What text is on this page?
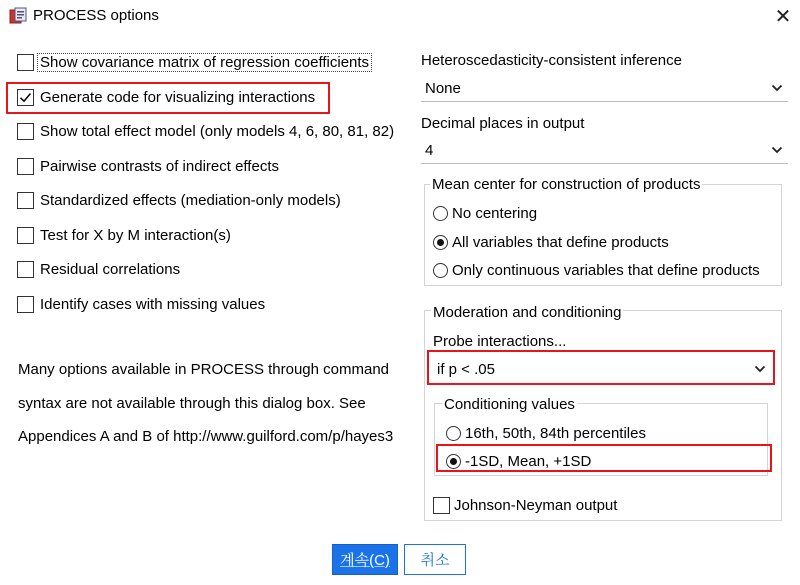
PROCESS options	✕
Show covariance matrix of regression coefficients
Generate code for visualizing interactions
Show total effect model (only models 4, 6, 80, 81, 82)
Pairwise contrasts of indirect effects
Standardized effects (mediation-only models)
Test for X by M interaction(s)
Residual correlations
Identify cases with missing values
Many options available in PROCESS through command
syntax are not available through this dialog box. See
Appendices A and B of http://www.guilford.com/p/hayes3
Heteroscedasticity-consistent inference
None
Decimal places in output
4
Mean center for construction of products
No centering
All variables that define products
Only continuous variables that define products
Moderation and conditioning
Probe interactions...
if p < .05
Conditioning values
16th, 50th, 84th percentiles
-1SD, Mean, +1SD
Johnson-Neyman output
계속(C) 취소
